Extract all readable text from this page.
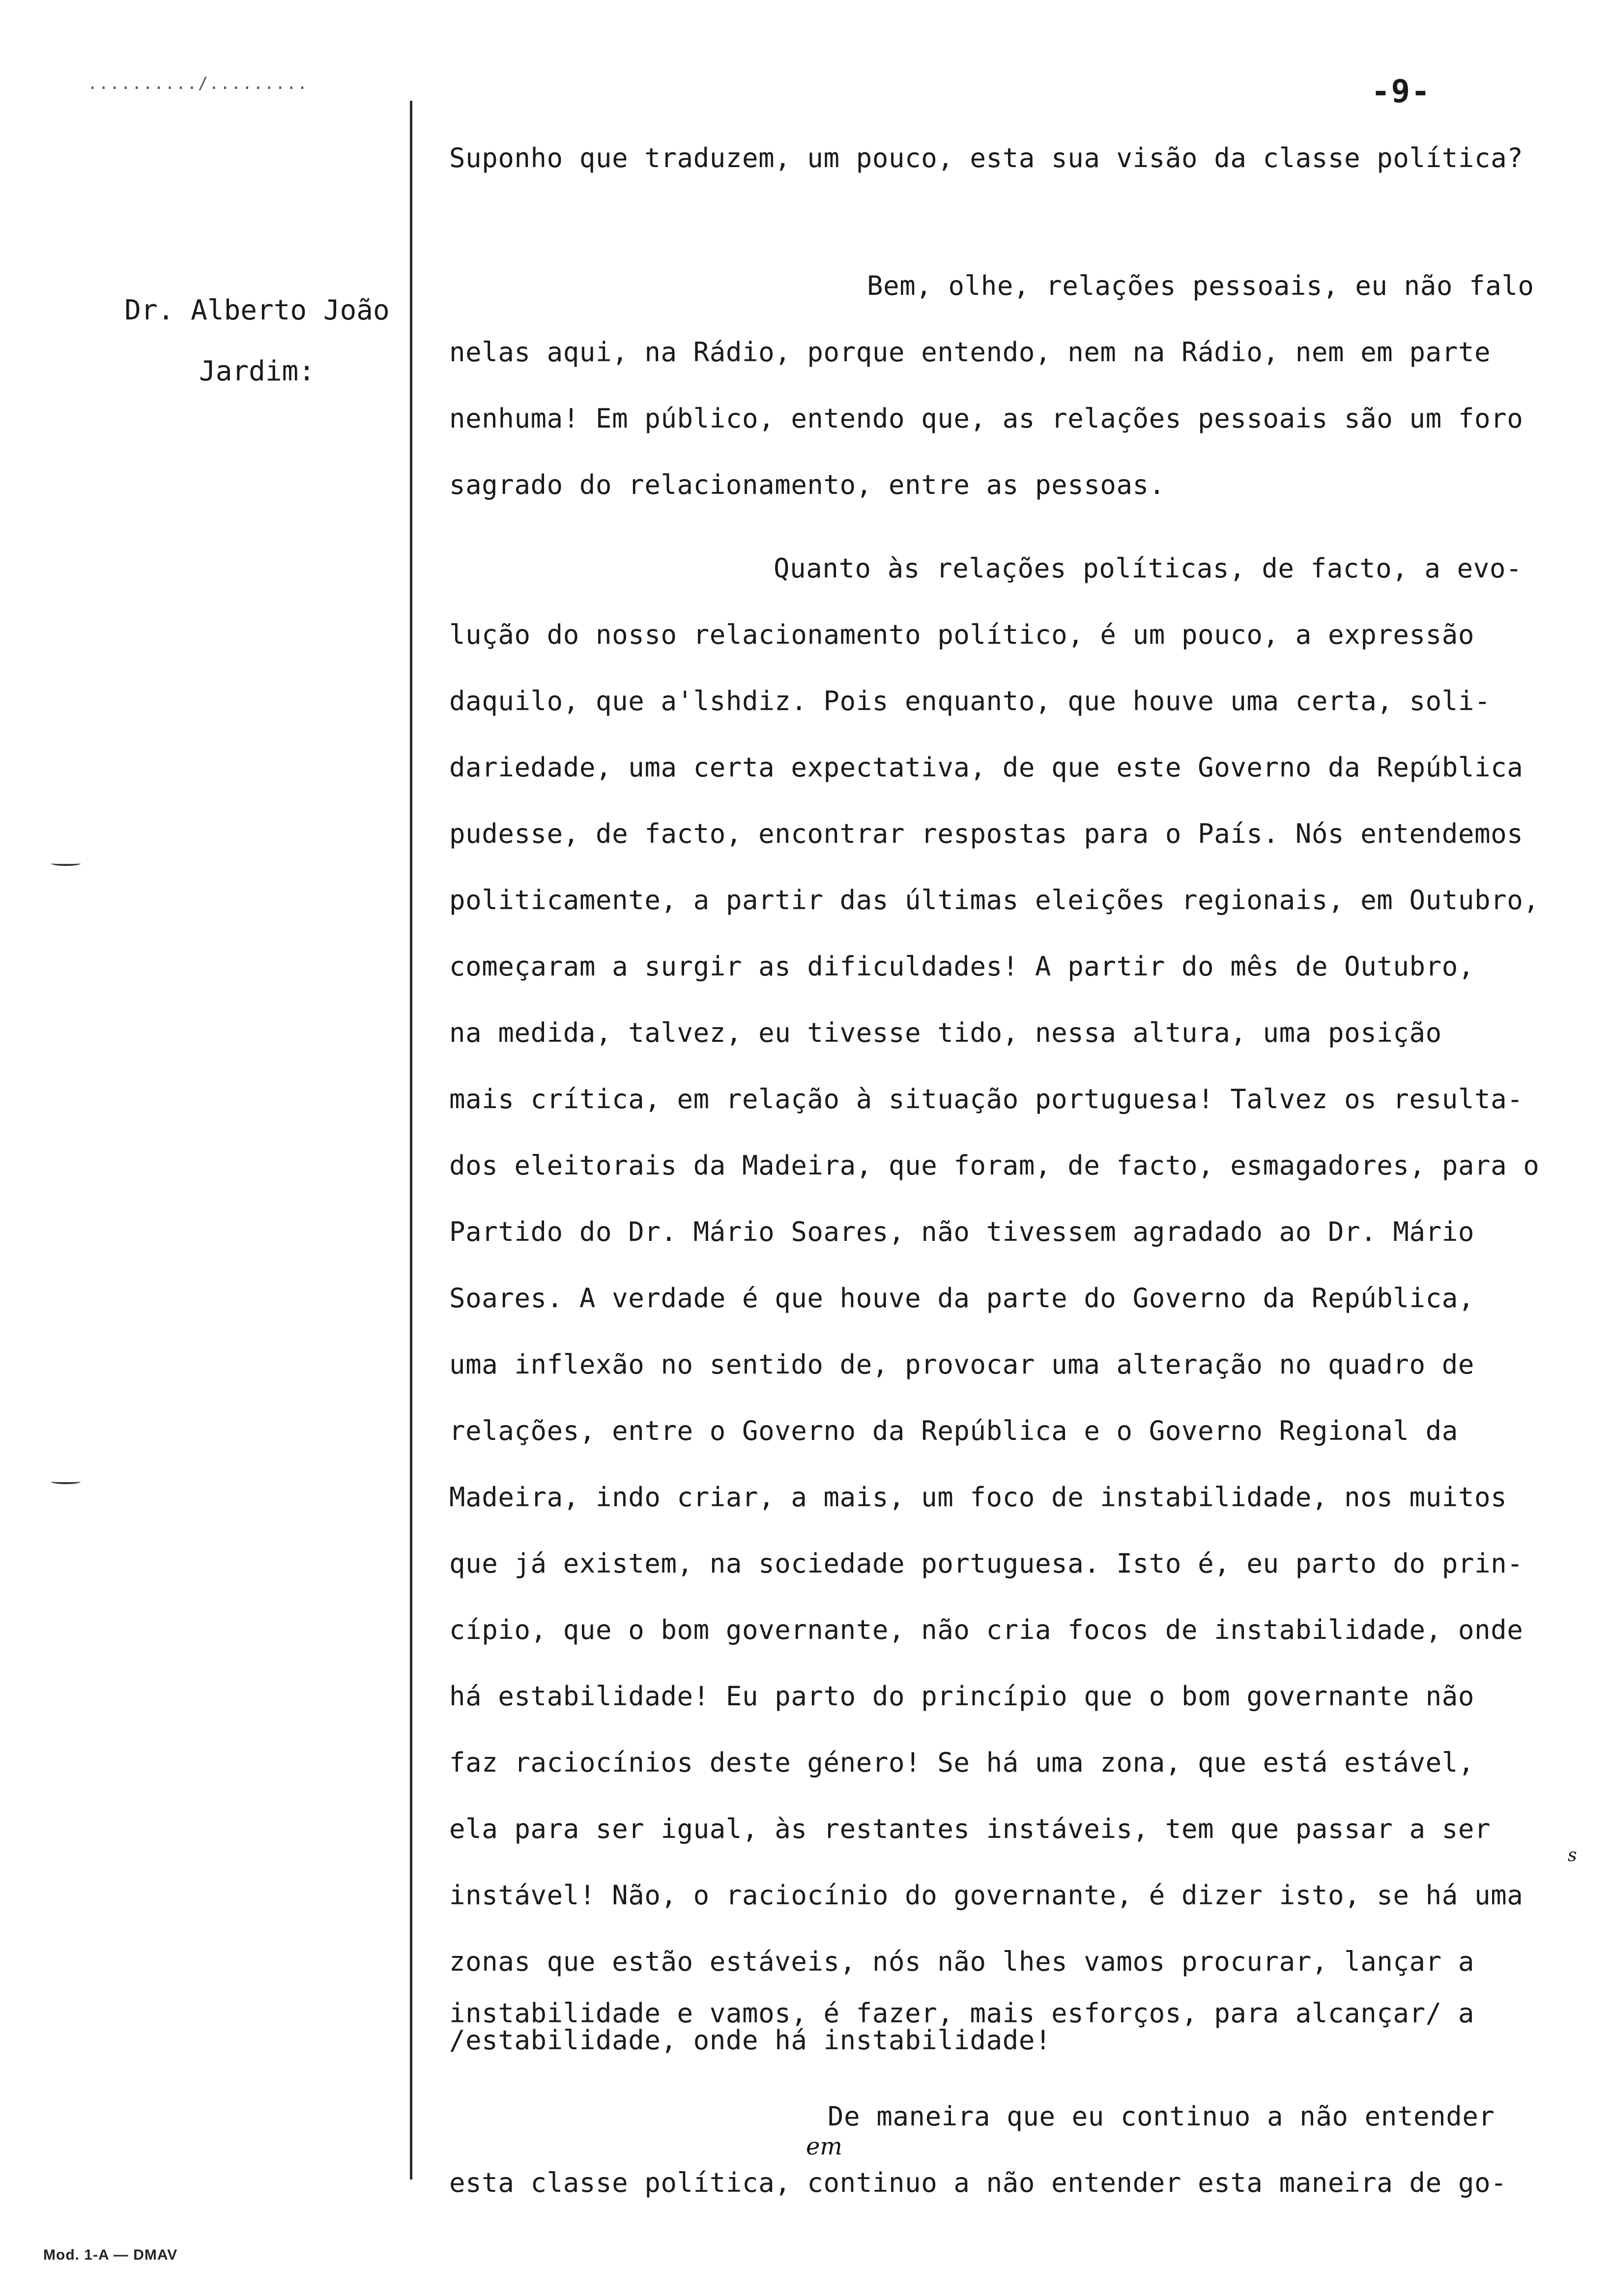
........../.........	-9-
Dr. Alberto João
Jardim:
Suponho que traduzem, um pouco, esta sua visão da classe política?
Bem, olhe, relações pessoais, eu não falo
nelas aqui, na Rádio, porque entendo, nem na Rádio, nem em parte
nenhuma! Em público, entendo que, as relações pessoais são um foro
sagrado do relacionamento, entre as pessoas.
Quanto às relações políticas, de facto, a evo-
lução do nosso relacionamento político, é um pouco, a expressão
daquilo, que a'lshdiz. Pois enquanto, que houve uma certa, soli-
dariedade, uma certa expectativa, de que este Governo da República
pudesse, de facto, encontrar respostas para o País. Nós entendemos
politicamente, a partir das últimas eleições regionais, em Outubro,
começaram a surgir as dificuldades! A partir do mês de Outubro,
na medida, talvez, eu tivesse tido, nessa altura, uma posição
mais crítica, em relação à situação portuguesa! Talvez os resulta-
dos eleitorais da Madeira, que foram, de facto, esmagadores, para o
Partido do Dr. Mário Soares, não tivessem agradado ao Dr. Mário
Soares. A verdade é que houve da parte do Governo da República,
uma inflexão no sentido de, provocar uma alteração no quadro de
relações, entre o Governo da República e o Governo Regional da
Madeira, indo criar, a mais, um foco de instabilidade, nos muitos
que já existem, na sociedade portuguesa. Isto é, eu parto do prin-
cípio, que o bom governante, não cria focos de instabilidade, onde
há estabilidade! Eu parto do princípio que o bom governante não
faz raciocínios deste género! Se há uma zona, que está estável,
ela para ser igual, às restantes instáveis, tem que passar a ser
instável! Não, o raciocínio do governante, é dizer isto, se há uma
zonas que estão estáveis, nós não lhes vamos procurar, lançar a
instabilidade e vamos, é fazer, mais esforços, para alcançar/ a
/estabilidade, onde há instabilidade!
De maneira que eu continuo a não entender
esta classe política, continuo a não entender esta maneira de go-
s
em
Mod. 1-A — DMAV
